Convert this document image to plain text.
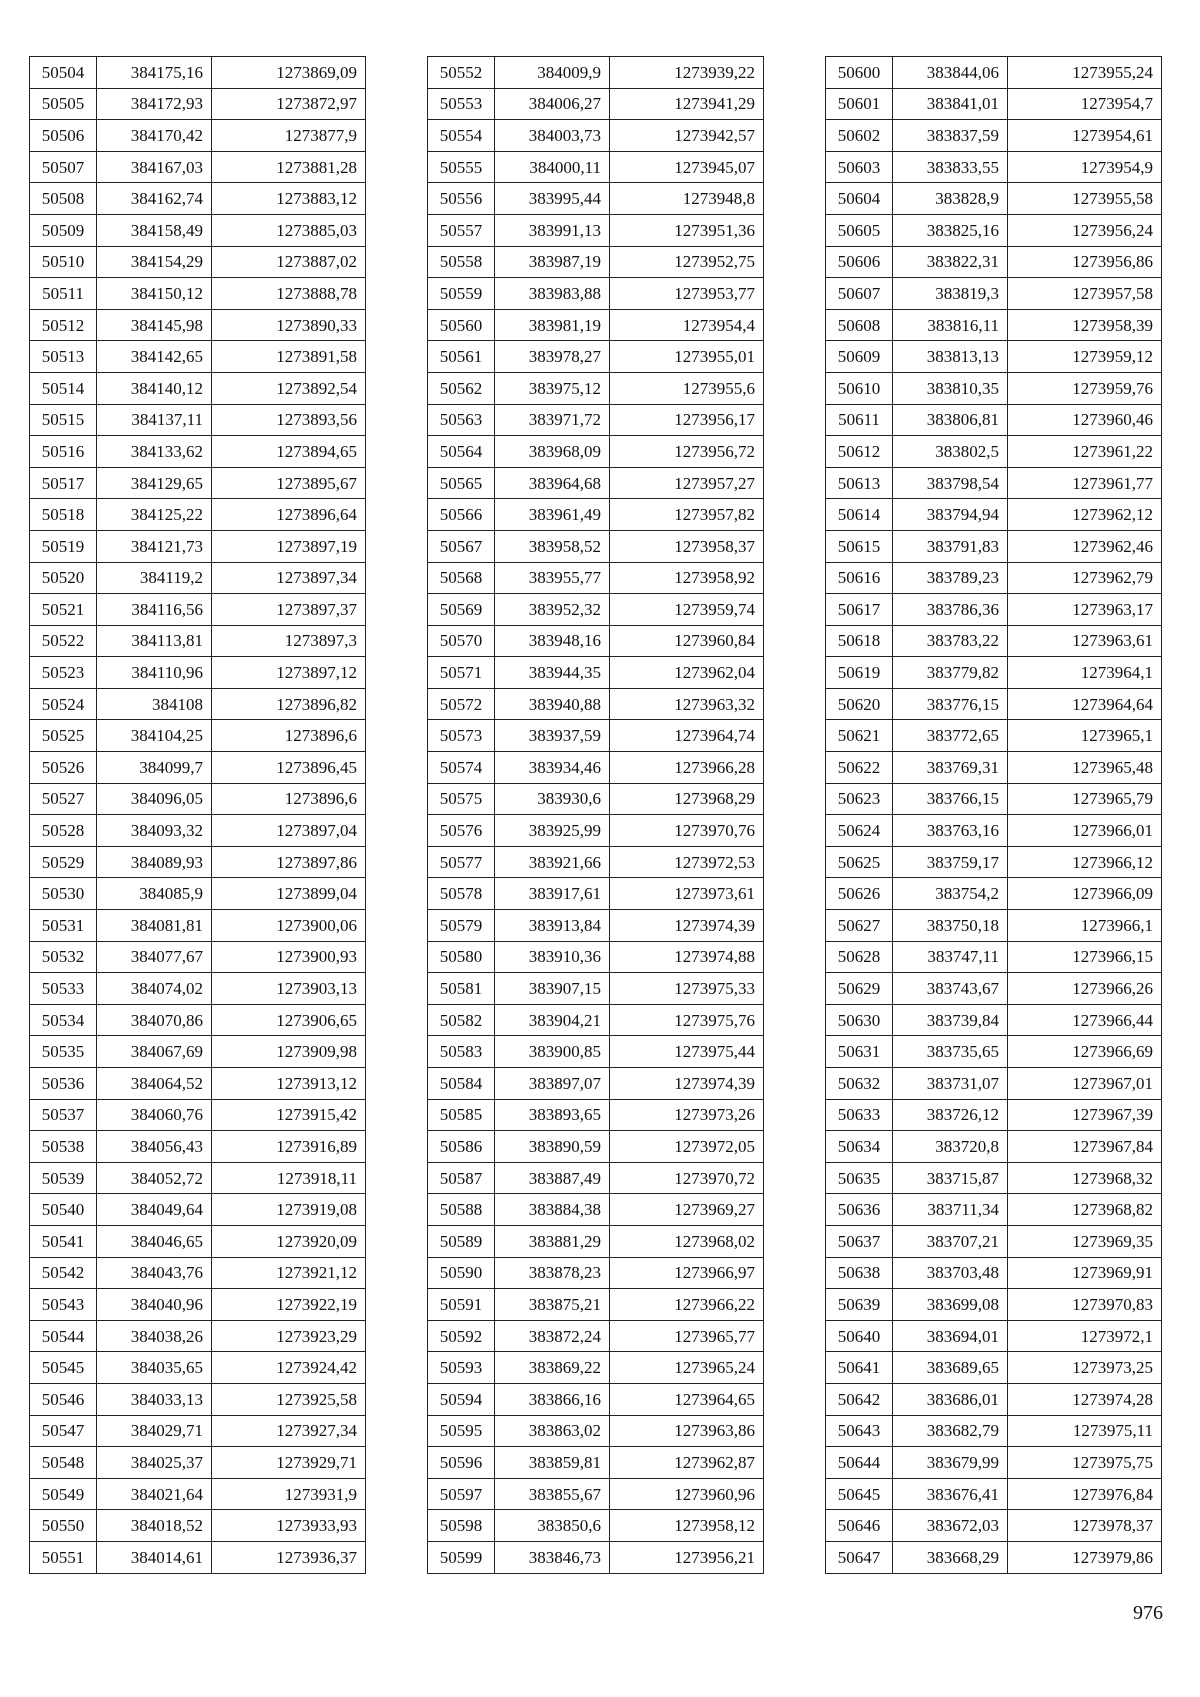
50504	384175,16	1273869,09
50505	384172,93	1273872,97
50506	384170,42	1273877,9
50507	384167,03	1273881,28
50508	384162,74	1273883,12
50509	384158,49	1273885,03
50510	384154,29	1273887,02
50511	384150,12	1273888,78
50512	384145,98	1273890,33
50513	384142,65	1273891,58
50514	384140,12	1273892,54
50515	384137,11	1273893,56
50516	384133,62	1273894,65
50517	384129,65	1273895,67
50518	384125,22	1273896,64
50519	384121,73	1273897,19
50520	384119,2	1273897,34
50521	384116,56	1273897,37
50522	384113,81	1273897,3
50523	384110,96	1273897,12
50524	384108	1273896,82
50525	384104,25	1273896,6
50526	384099,7	1273896,45
50527	384096,05	1273896,6
50528	384093,32	1273897,04
50529	384089,93	1273897,86
50530	384085,9	1273899,04
50531	384081,81	1273900,06
50532	384077,67	1273900,93
50533	384074,02	1273903,13
50534	384070,86	1273906,65
50535	384067,69	1273909,98
50536	384064,52	1273913,12
50537	384060,76	1273915,42
50538	384056,43	1273916,89
50539	384052,72	1273918,11
50540	384049,64	1273919,08
50541	384046,65	1273920,09
50542	384043,76	1273921,12
50543	384040,96	1273922,19
50544	384038,26	1273923,29
50545	384035,65	1273924,42
50546	384033,13	1273925,58
50547	384029,71	1273927,34
50548	384025,37	1273929,71
50549	384021,64	1273931,9
50550	384018,52	1273933,93
50551	384014,61	1273936,37
50552	384009,9	1273939,22
50553	384006,27	1273941,29
50554	384003,73	1273942,57
50555	384000,11	1273945,07
50556	383995,44	1273948,8
50557	383991,13	1273951,36
50558	383987,19	1273952,75
50559	383983,88	1273953,77
50560	383981,19	1273954,4
50561	383978,27	1273955,01
50562	383975,12	1273955,6
50563	383971,72	1273956,17
50564	383968,09	1273956,72
50565	383964,68	1273957,27
50566	383961,49	1273957,82
50567	383958,52	1273958,37
50568	383955,77	1273958,92
50569	383952,32	1273959,74
50570	383948,16	1273960,84
50571	383944,35	1273962,04
50572	383940,88	1273963,32
50573	383937,59	1273964,74
50574	383934,46	1273966,28
50575	383930,6	1273968,29
50576	383925,99	1273970,76
50577	383921,66	1273972,53
50578	383917,61	1273973,61
50579	383913,84	1273974,39
50580	383910,36	1273974,88
50581	383907,15	1273975,33
50582	383904,21	1273975,76
50583	383900,85	1273975,44
50584	383897,07	1273974,39
50585	383893,65	1273973,26
50586	383890,59	1273972,05
50587	383887,49	1273970,72
50588	383884,38	1273969,27
50589	383881,29	1273968,02
50590	383878,23	1273966,97
50591	383875,21	1273966,22
50592	383872,24	1273965,77
50593	383869,22	1273965,24
50594	383866,16	1273964,65
50595	383863,02	1273963,86
50596	383859,81	1273962,87
50597	383855,67	1273960,96
50598	383850,6	1273958,12
50599	383846,73	1273956,21
50600	383844,06	1273955,24
50601	383841,01	1273954,7
50602	383837,59	1273954,61
50603	383833,55	1273954,9
50604	383828,9	1273955,58
50605	383825,16	1273956,24
50606	383822,31	1273956,86
50607	383819,3	1273957,58
50608	383816,11	1273958,39
50609	383813,13	1273959,12
50610	383810,35	1273959,76
50611	383806,81	1273960,46
50612	383802,5	1273961,22
50613	383798,54	1273961,77
50614	383794,94	1273962,12
50615	383791,83	1273962,46
50616	383789,23	1273962,79
50617	383786,36	1273963,17
50618	383783,22	1273963,61
50619	383779,82	1273964,1
50620	383776,15	1273964,64
50621	383772,65	1273965,1
50622	383769,31	1273965,48
50623	383766,15	1273965,79
50624	383763,16	1273966,01
50625	383759,17	1273966,12
50626	383754,2	1273966,09
50627	383750,18	1273966,1
50628	383747,11	1273966,15
50629	383743,67	1273966,26
50630	383739,84	1273966,44
50631	383735,65	1273966,69
50632	383731,07	1273967,01
50633	383726,12	1273967,39
50634	383720,8	1273967,84
50635	383715,87	1273968,32
50636	383711,34	1273968,82
50637	383707,21	1273969,35
50638	383703,48	1273969,91
50639	383699,08	1273970,83
50640	383694,01	1273972,1
50641	383689,65	1273973,25
50642	383686,01	1273974,28
50643	383682,79	1273975,11
50644	383679,99	1273975,75
50645	383676,41	1273976,84
50646	383672,03	1273978,37
50647	383668,29	1273979,86
976
